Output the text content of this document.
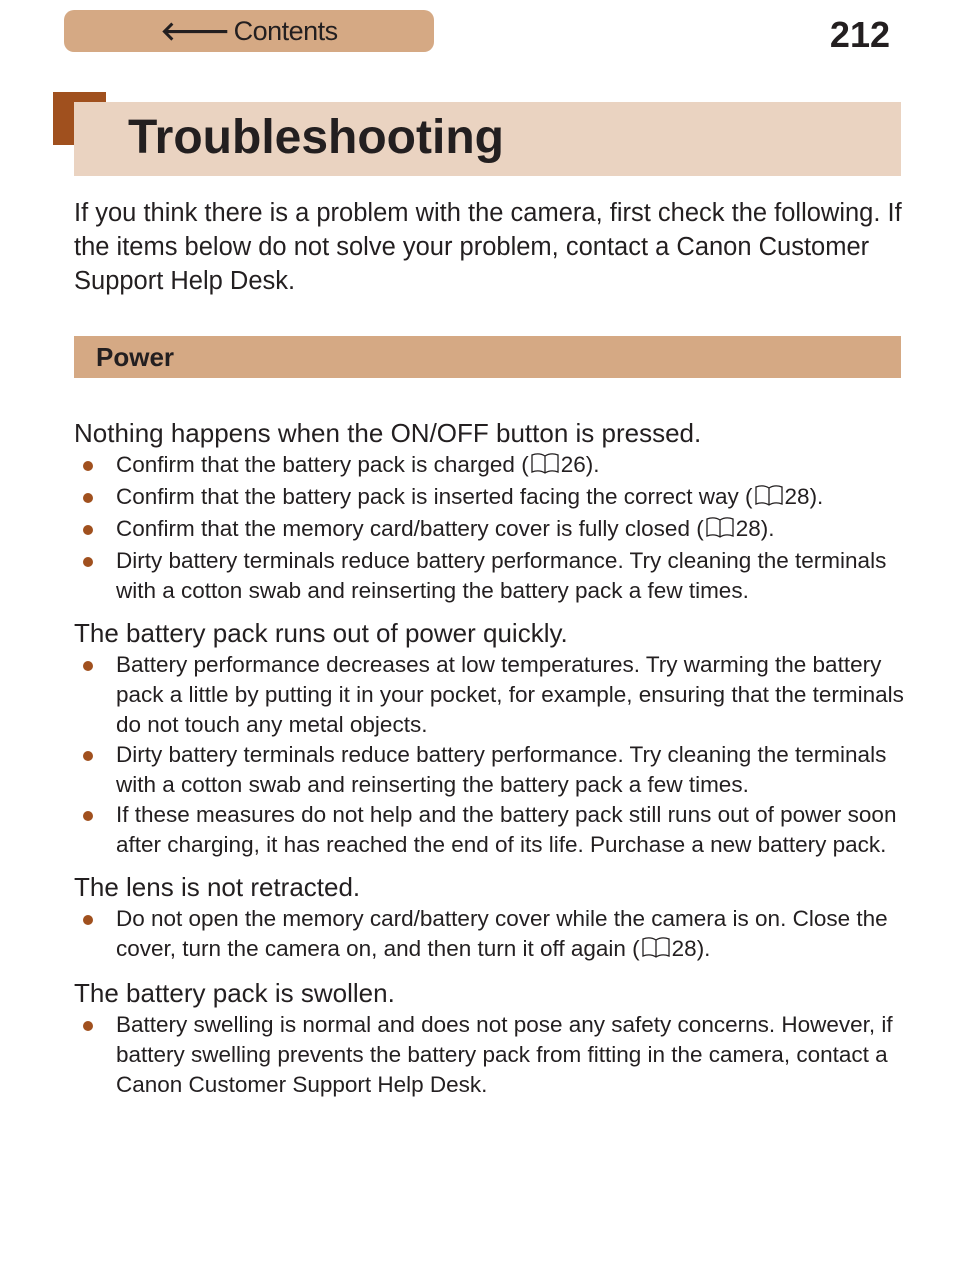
🡐 Contents	212
Troubleshooting
If you think there is a problem with the camera, first check the following. If the items below do not solve your problem, contact a Canon Customer Support Help Desk.
Power

Nothing happens when the ON/OFF button is pressed.

Confirm that the battery pack is charged ( 26).
Confirm that the battery pack is inserted facing the correct way ( 28).
Confirm that the memory card/battery cover is fully closed ( 28).
Dirty battery terminals reduce battery performance. Try cleaning the terminals with a cotton swab and reinserting the battery pack a few times.

The battery pack runs out of power quickly.

Battery performance decreases at low temperatures. Try warming the battery pack a little by putting it in your pocket, for example, ensuring that the terminals do not touch any metal objects.
Dirty battery terminals reduce battery performance. Try cleaning the terminals with a cotton swab and reinserting the battery pack a few times.
If these measures do not help and the battery pack still runs out of power soon after charging, it has reached the end of its life. Purchase a new battery pack.

The lens is not retracted.

Do not open the memory card/battery cover while the camera is on. Close the cover, turn the camera on, and then turn it off again ( 28).

The battery pack is swollen.

Battery swelling is normal and does not pose any safety concerns. However, if battery swelling prevents the battery pack from fitting in the camera, contact a Canon Customer Support Help Desk.
